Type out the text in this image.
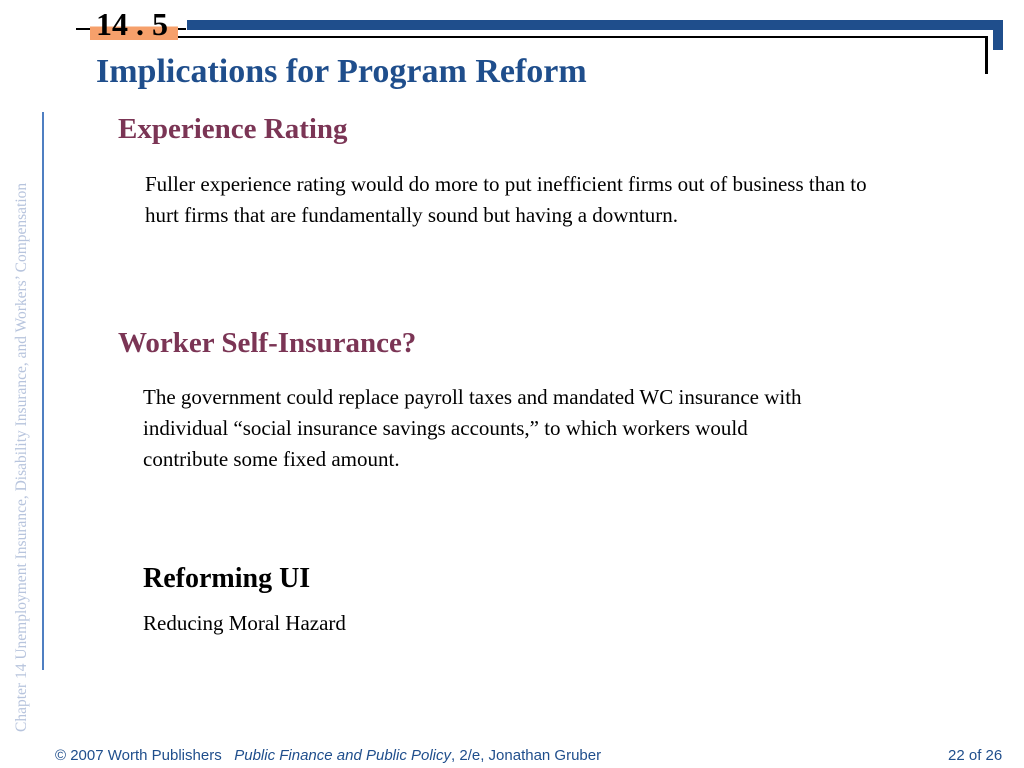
14 . 5
Implications for Program Reform
Chapter 14 Unemployment Insurance, Disability Insurance, and Workers’ Compensation
Experience Rating
Fuller experience rating would do more to put inefficient firms out of business than to hurt firms that are fundamentally sound but having a downturn.
Worker Self-Insurance?
The government could replace payroll taxes and mandated WC insurance with individual “social insurance savings accounts,” to which workers would contribute some fixed amount.
Reforming UI
Reducing Moral Hazard
© 2007 Worth Publishers Public Finance and Public Policy, 2/e, Jonathan Gruber	22 of 26
